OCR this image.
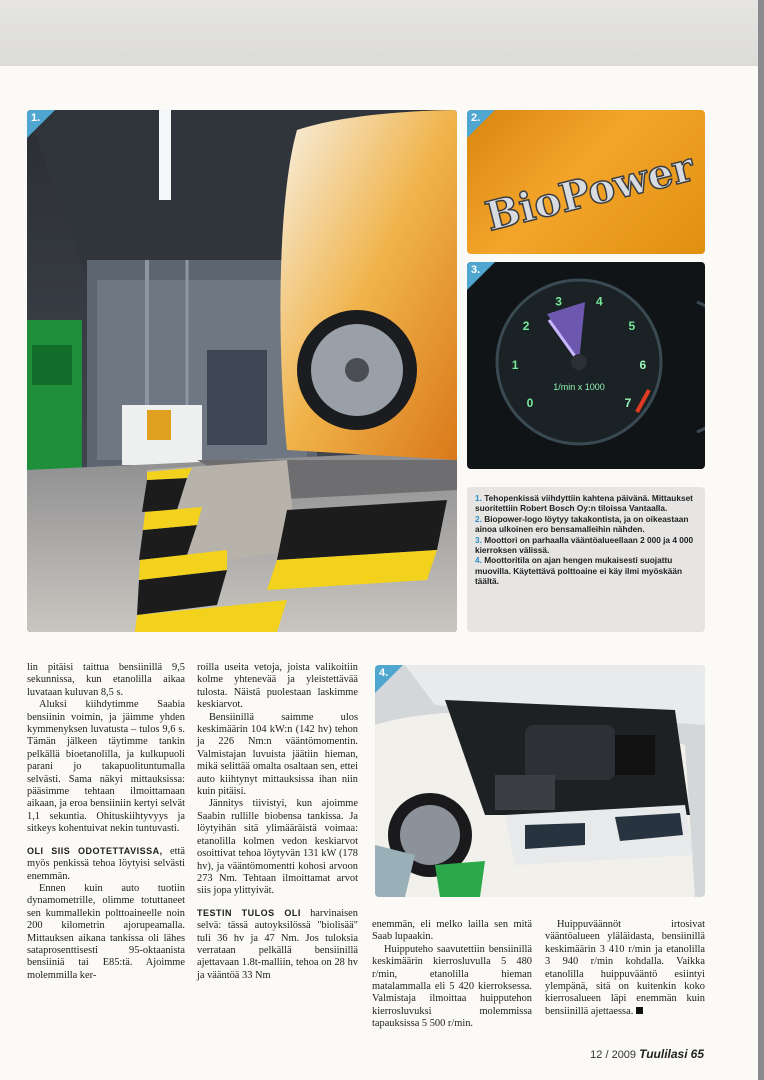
1.
BioPower
2.
0
1
2
3	4
5
6
7
1/min x 1000
3.

1. Tehopenkissä viihdyttiin kahtena päivänä. Mittaukset suoritettiin Robert Bosch Oy:n tiloissa Vantaalla.

2. Biopower-logo löytyy takakontista, ja on oikeastaan ainoa ulkoinen ero bensamalleihin nähden.

3. Moottori on parhaalla vääntöalueellaan 2 000 ja 4 000 kierroksen välissä.

4. Moottoritila on ajan hengen mukaisesti suojattu muovilla. Käytettävä polttoaine ei käy ilmi myöskään täältä.

4.

lin pitäisi taittua bensiinillä 9,5 sekunnissa, kun etanolilla aikaa luvataan kuluvan 8,5 s.

Aluksi kiihdytimme Saabia bensiinin voimin, ja jäimme yhden kymmenyksen luvatusta – tulos 9,6 s. Tämän jälkeen täytimme tankin pelkällä bioetanolilla, ja kulkupuoli parani jo takapuolituntumalla selvästi. Sama näkyi mittauksissa: pääsimme tehtaan ilmoittamaan aikaan, ja eroa bensiiniin kertyi selvät 1,1 sekuntia. Ohituskiihtyvyys ja sitkeys kohentuivat nekin tuntuvasti.

OLI SIIS ODOTETTAVISSA, että myös penkissä tehoa löytyisi selvästi enemmän.

Ennen kuin auto tuotiin dynamometrille, olimme totuttaneet sen kummallekin polttoaineelle noin 200 kilometrin ajorupeamalla. Mittauksen aikana tankissa oli lähes sataprosenttisesti 95-oktaanista bensiiniä tai E85:tä. Ajoimme molemmilla ker-

roilla useita vetoja, joista valikoitiin kolme yhtenevää ja yleistettävää tulosta. Näistä puolestaan laskimme keskiarvot.

Bensiinillä saimme ulos keskimäärin 104 kW:n (142 hv) tehon ja 226 Nm:n vääntömomentin. Valmistajan luvuista jäätiin hieman, mikä selittää omalta osaltaan sen, ettei auto kiihtynyt mittauksissa ihan niin kuin pitäisi.

Jännitys tiivistyi, kun ajoimme Saabin rullille biobensa tankissa. Ja löytyihän sitä ylimääräistä voimaa: etanolilla kolmen vedon keskiarvot osoittivat tehoa löytyvän 131 kW (178 hv), ja vääntömomentti kohosi arvoon 273 Nm. Tehtaan ilmoittamat arvot siis jopa ylittyivät.

TESTIN TULOS OLI harvinaisen selvä: tässä autoyksilössä "biolisää" tuli 36 hv ja 47 Nm. Jos tuloksia verrataan pelkällä bensiinillä ajettavaan 1.8t-malliin, tehoa on 28 hv ja vääntöä 33 Nm

enemmän, eli melko lailla sen mitä Saab lupaakin.

Huipputeho saavutettiin bensiinillä keskimäärin kierrosluvulla 5 480 r/min, etanolilla hieman matalammalla eli 5 420 kierroksessa. Valmistaja ilmoittaa huipputehon kierrosluvuksi molemmissa tapauksissa 5 500 r/min.

Huippuväännöt irtosivat vääntöalueen yläläidasta, bensiinillä keskimäärin 3 410 r/min ja etanolilla 3 940 r/min kohdalla. Vaikka etanolilla huippuvääntö esiintyi ylempänä, sitä on kuitenkin koko kierrosalueen läpi enemmän kuin bensiinillä ajettaessa.

12 / 2009 Tuulilasi 65
